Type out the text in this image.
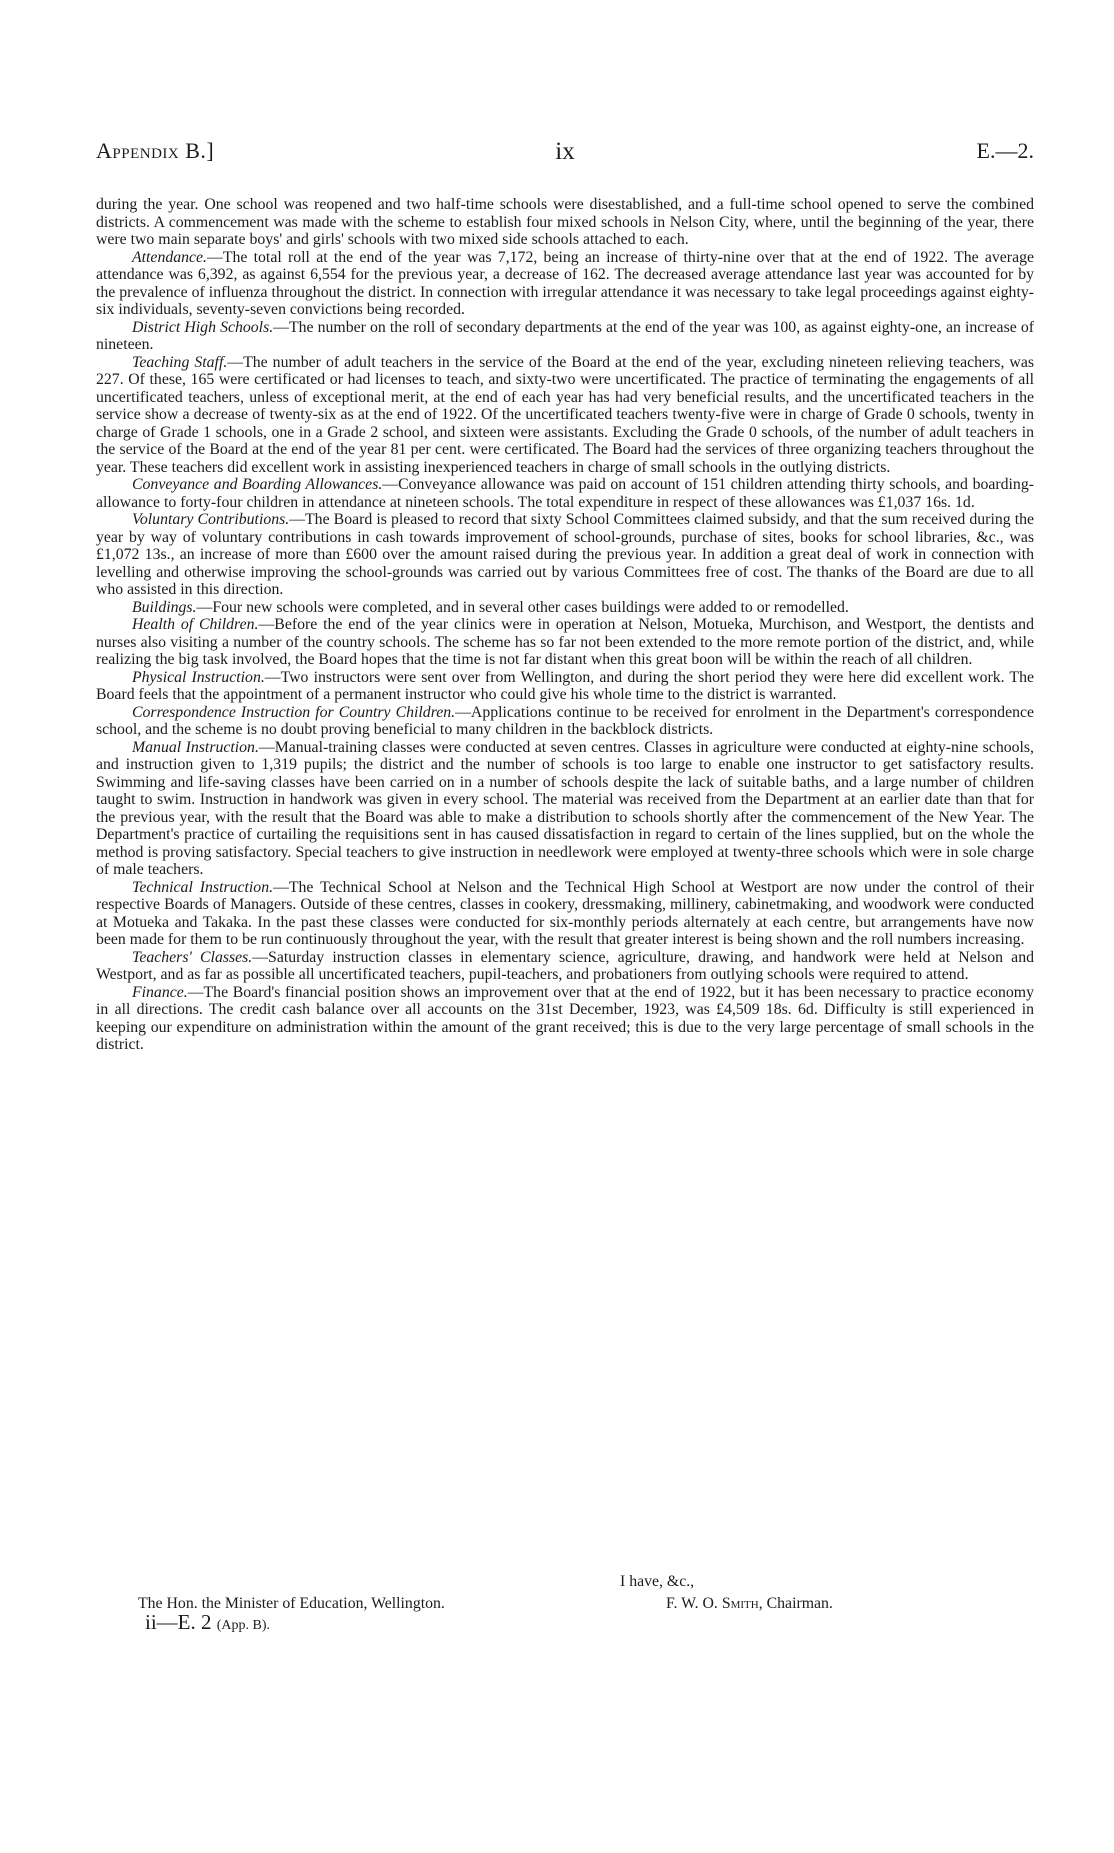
Appendix B.]	ix	E.—2.

during the year. One school was reopened and two half-time schools were disestablished, and a full-time school opened to serve the combined districts. A commencement was made with the scheme to establish four mixed schools in Nelson City, where, until the beginning of the year, there were two main separate boys' and girls' schools with two mixed side schools attached to each.

Attendance.—The total roll at the end of the year was 7,172, being an increase of thirty-nine over that at the end of 1922. The average attendance was 6,392, as against 6,554 for the previous year, a decrease of 162. The decreased average attendance last year was accounted for by the prevalence of influenza throughout the district. In connection with irregular attendance it was necessary to take legal proceedings against eighty-six individuals, seventy-seven convictions being recorded.

District High Schools.—The number on the roll of secondary departments at the end of the year was 100, as against eighty-one, an increase of nineteen.

Teaching Staff.—The number of adult teachers in the service of the Board at the end of the year, excluding nineteen relieving teachers, was 227. Of these, 165 were certificated or had licenses to teach, and sixty-two were uncertificated. The practice of terminating the engagements of all uncertificated teachers, unless of exceptional merit, at the end of each year has had very beneficial results, and the uncertificated teachers in the service show a decrease of twenty-six as at the end of 1922. Of the uncertificated teachers twenty-five were in charge of Grade 0 schools, twenty in charge of Grade 1 schools, one in a Grade 2 school, and sixteen were assistants. Excluding the Grade 0 schools, of the number of adult teachers in the service of the Board at the end of the year 81 per cent. were certificated. The Board had the services of three organizing teachers throughout the year. These teachers did excellent work in assisting inexperienced teachers in charge of small schools in the outlying districts.

Conveyance and Boarding Allowances.—Conveyance allowance was paid on account of 151 children attending thirty schools, and boarding-allowance to forty-four children in attendance at nineteen schools. The total expenditure in respect of these allowances was £1,037 16s. 1d.

Voluntary Contributions.—The Board is pleased to record that sixty School Committees claimed subsidy, and that the sum received during the year by way of voluntary contributions in cash towards improvement of school-grounds, purchase of sites, books for school libraries, &c., was £1,072 13s., an increase of more than £600 over the amount raised during the previous year. In addition a great deal of work in connection with levelling and otherwise improving the school-grounds was carried out by various Committees free of cost. The thanks of the Board are due to all who assisted in this direction.

Buildings.—Four new schools were completed, and in several other cases buildings were added to or remodelled.

Health of Children.—Before the end of the year clinics were in operation at Nelson, Motueka, Murchison, and Westport, the dentists and nurses also visiting a number of the country schools. The scheme has so far not been extended to the more remote portion of the district, and, while realizing the big task involved, the Board hopes that the time is not far distant when this great boon will be within the reach of all children.

Physical Instruction.—Two instructors were sent over from Wellington, and during the short period they were here did excellent work. The Board feels that the appointment of a permanent instructor who could give his whole time to the district is warranted.

Correspondence Instruction for Country Children.—Applications continue to be received for enrolment in the Department's correspondence school, and the scheme is no doubt proving beneficial to many children in the backblock districts.

Manual Instruction.—Manual-training classes were conducted at seven centres. Classes in agriculture were conducted at eighty-nine schools, and instruction given to 1,319 pupils; the district and the number of schools is too large to enable one instructor to get satisfactory results. Swimming and life-saving classes have been carried on in a number of schools despite the lack of suitable baths, and a large number of children taught to swim. Instruction in handwork was given in every school. The material was received from the Department at an earlier date than that for the previous year, with the result that the Board was able to make a distribution to schools shortly after the commencement of the New Year. The Department's practice of curtailing the requisitions sent in has caused dissatisfaction in regard to certain of the lines supplied, but on the whole the method is proving satisfactory. Special teachers to give instruction in needlework were employed at twenty-three schools which were in sole charge of male teachers.

Technical Instruction.—The Technical School at Nelson and the Technical High School at Westport are now under the control of their respective Boards of Managers. Outside of these centres, classes in cookery, dressmaking, millinery, cabinetmaking, and woodwork were conducted at Motueka and Takaka. In the past these classes were conducted for six-monthly periods alternately at each centre, but arrangements have now been made for them to be run continuously throughout the year, with the result that greater interest is being shown and the roll numbers increasing.

Teachers' Classes.—Saturday instruction classes in elementary science, agriculture, drawing, and handwork were held at Nelson and Westport, and as far as possible all uncertificated teachers, pupil-teachers, and probationers from outlying schools were required to attend.

Finance.—The Board's financial position shows an improvement over that at the end of 1922, but it has been necessary to practice economy in all directions. The credit cash balance over all accounts on the 31st December, 1923, was £4,509 18s. 6d. Difficulty is still experienced in keeping our expenditure on administration within the amount of the grant received; this is due to the very large percentage of small schools in the district.

I have, &c.,
The Hon. the Minister of Education, Wellington.	F. W. O. Smith, Chairman.
ii—E. 2 (App. B).
